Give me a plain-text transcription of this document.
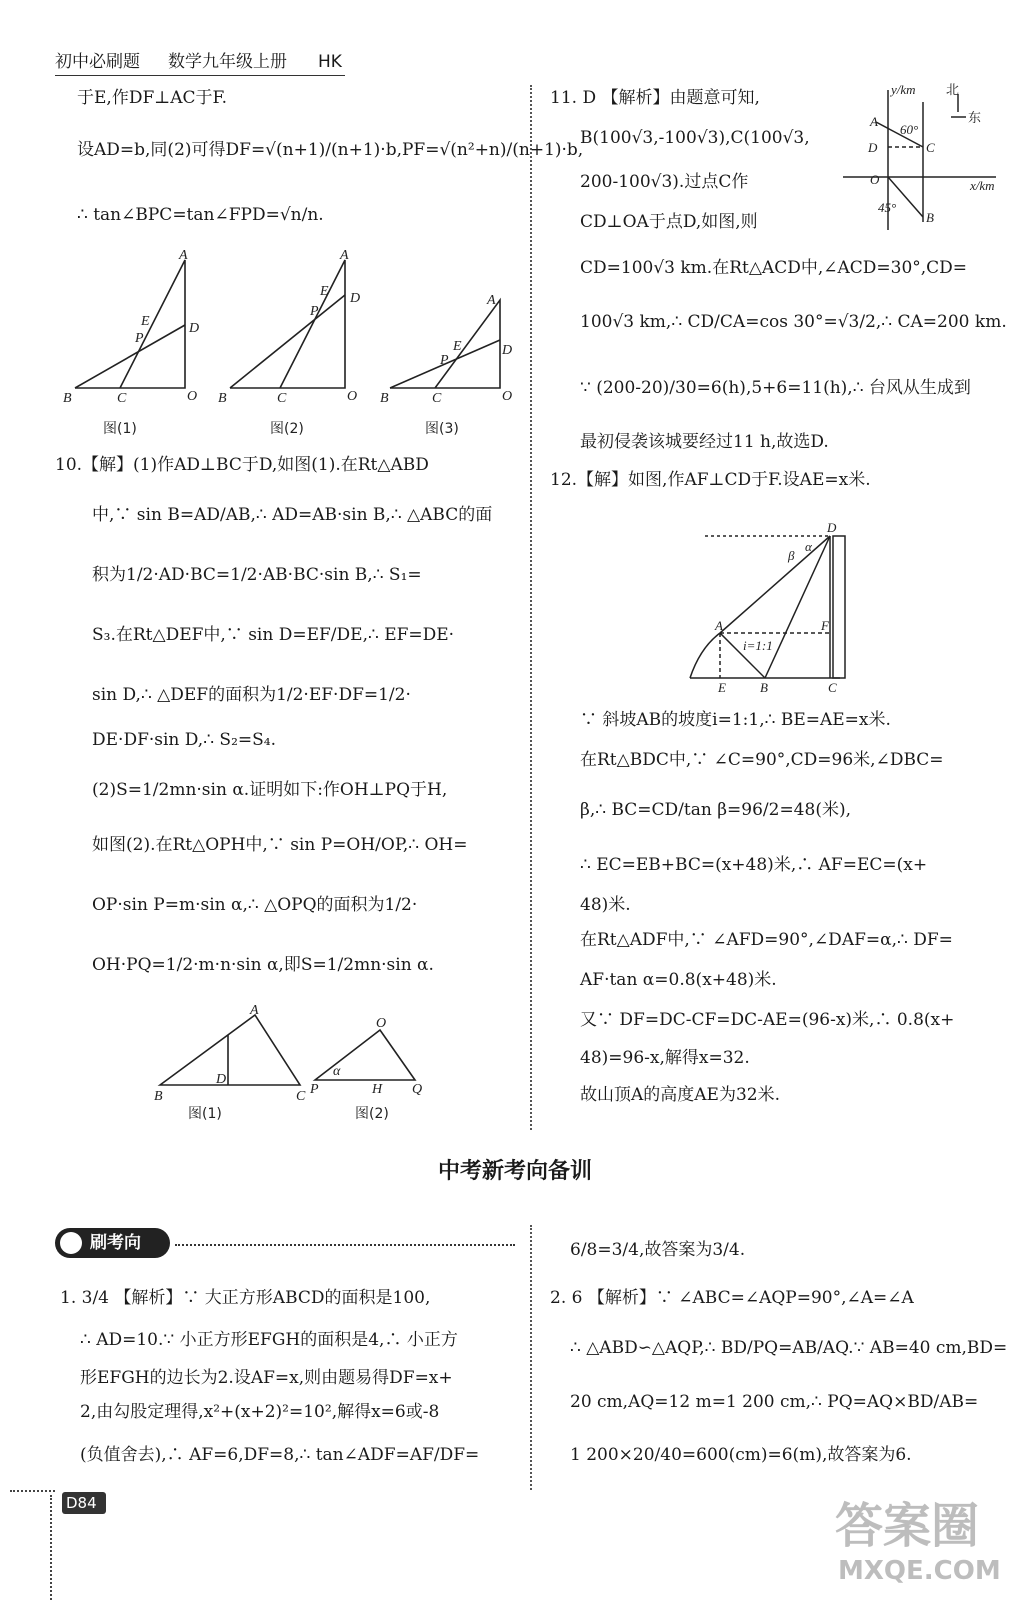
初中必刷题 数学九年级上册 HK
于E,作DF⊥AC于F.
设AD=b,同(2)可得DF=√(n+1)/(n+1)·b,PF=√(n²+n)/(n+1)·b,
∴ tan∠BPC=tan∠FPD=√n/n.
A
D
E
P
B	C	O
A
D
E
P
B	C	O
A
D
E
P
B	C	O
图(1)	图(2)	图(3)
10.【解】(1)作AD⊥BC于D,如图(1).在Rt△ABD
中,∵ sin B=AD/AB,∴ AD=AB·sin B,∴ △ABC的面
积为1/2·AD·BC=1/2·AB·BC·sin B,∴ S₁=
S₃.在Rt△DEF中,∵ sin D=EF/DE,∴ EF=DE·
sin D,∴ △DEF的面积为1/2·EF·DF=1/2·
DE·DF·sin D,∴ S₂=S₄.
(2)S=1/2mn·sin α.证明如下:作OH⊥PQ于H,
如图(2).在Rt△OPH中,∵ sin P=OH/OP,∴ OH=
OP·sin P=m·sin α,∴ △OPQ的面积为1/2·
OH·PQ=1/2·m·n·sin α,即S=1/2mn·sin α.
A
B	C
D
O
P	Q
H
α
图(1)	图(2)
11. D 【解析】由题意可知,
B(100√3,-100√3),C(100√3,
200-100√3).过点C作
CD⊥OA于点D,如图,则
CD=100√3 km.在Rt△ACD中,∠ACD=30°,CD=
100√3 km,∴ CD/CA=cos 30°=√3/2,∴ CA=200 km.
∵ (200-20)/30=6(h),5+6=11(h),∴ 台风从生成到
最初侵袭该城要经过11 h,故选D.
y/km
x/km
A
D	C
O
B
60°
45°
北
东
12.【解】如图,作AF⊥CD于F.设AE=x米.
D
A	F
E	B	C
β
α
i=1:1
∵ 斜坡AB的坡度i=1:1,∴ BE=AE=x米.
在Rt△BDC中,∵ ∠C=90°,CD=96米,∠DBC=
β,∴ BC=CD/tan β=96/2=48(米),
∴ EC=EB+BC=(x+48)米,∴ AF=EC=(x+
48)米.
在Rt△ADF中,∵ ∠AFD=90°,∠DAF=α,∴ DF=
AF·tan α=0.8(x+48)米.
又∵ DF=DC-CF=DC-AE=(96-x)米,∴ 0.8(x+
48)=96-x,解得x=32.
故山顶A的高度AE为32米.
中考新考向备训
刷考向
1. 3/4 【解析】∵ 大正方形ABCD的面积是100,
∴ AD=10.∵ 小正方形EFGH的面积是4,∴ 小正方
形EFGH的边长为2.设AF=x,则由题易得DF=x+
2,由勾股定理得,x²+(x+2)²=10²,解得x=6或-8
(负值舍去),∴ AF=6,DF=8,∴ tan∠ADF=AF/DF=
6/8=3/4,故答案为3/4.
2. 6 【解析】∵ ∠ABC=∠AQP=90°,∠A=∠A
∴ △ABD∽△AQP,∴ BD/PQ=AB/AQ.∵ AB=40 cm,BD=
20 cm,AQ=12 m=1 200 cm,∴ PQ=AQ×BD/AB=
1 200×20/40=600(cm)=6(m),故答案为6.
D84	答案圈
MXQE.COM
